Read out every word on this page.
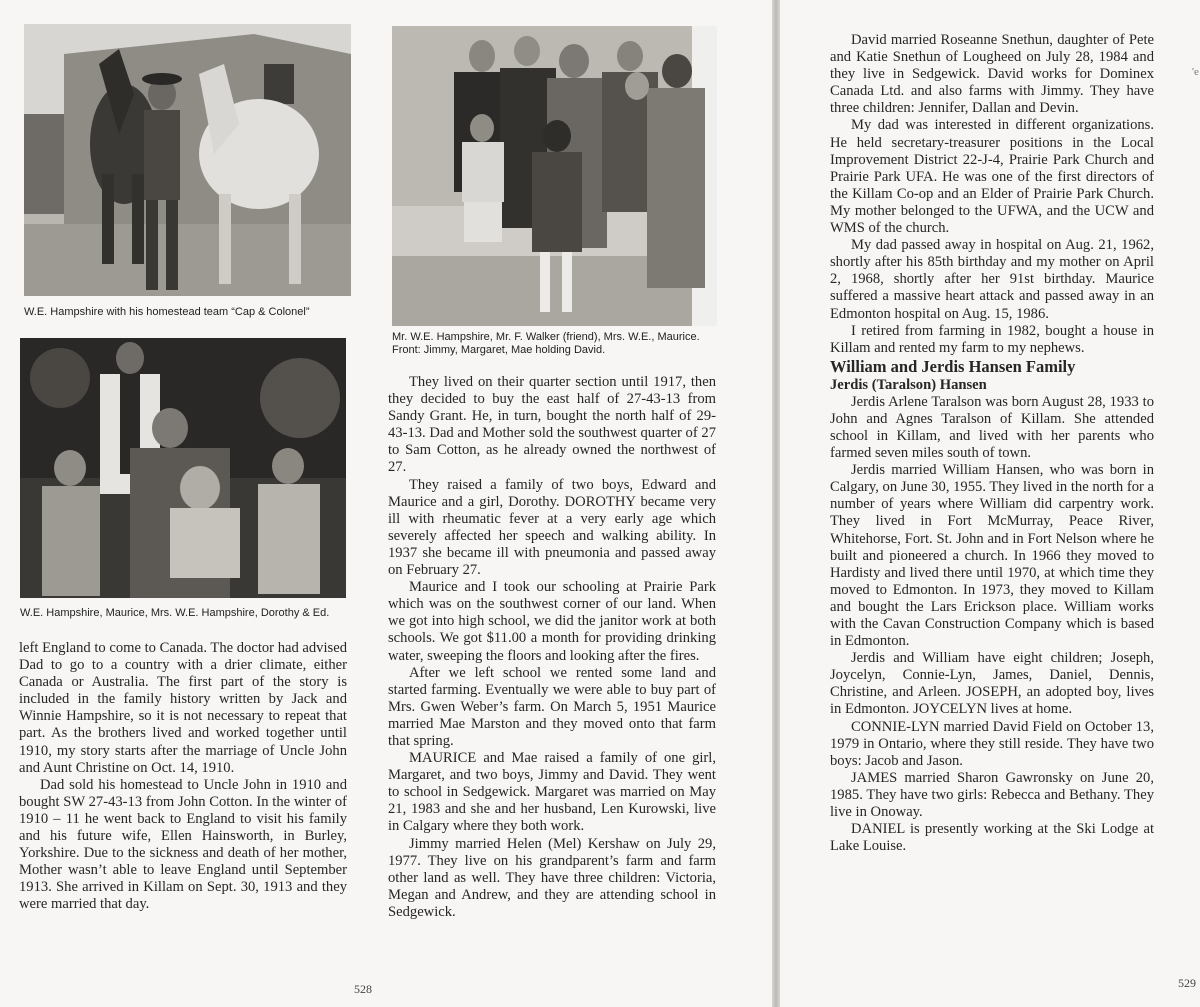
W.E. Hampshire with his homestead team “Cap & Colonel”
Mr. W.E. Hampshire, Mr. F. Walker (friend), Mrs. W.E., Maurice. Front: Jimmy, Margaret, Mae holding David.
W.E. Hampshire, Maurice, Mrs. W.E. Hampshire, Dorothy & Ed.

left England to come to Canada. The doctor had advised Dad to go to a country with a drier climate, either Canada or Australia. The first part of the story is included in the family history written by Jack and Winnie Hampshire, so it is not necessary to repeat that part. As the brothers lived and worked together until 1910, my story starts after the marriage of Uncle John and Aunt Christine on Oct. 14, 1910.

Dad sold his homestead to Uncle John in 1910 and bought SW 27-43-13 from John Cotton. In the winter of 1910 – 11 he went back to England to visit his family and his future wife, Ellen Hainsworth, in Burley, Yorkshire. Due to the sickness and death of her mother, Mother wasn’t able to leave England until September 1913. She arrived in Killam on Sept. 30, 1913 and they were married that day.

They lived on their quarter section until 1917, then they decided to buy the east half of 27-43-13 from Sandy Grant. He, in turn, bought the north half of 29-43-13. Dad and Mother sold the southwest quarter of 27 to Sam Cotton, as he already owned the northwest of 27.

They raised a family of two boys, Edward and Maurice and a girl, Dorothy. DOROTHY became very ill with rheumatic fever at a very early age which severely affected her speech and walking ability. In 1937 she became ill with pneumonia and passed away on February 27.

Maurice and I took our schooling at Prairie Park which was on the southwest corner of our land. When we got into high school, we did the janitor work at both schools. We got $11.00 a month for providing drinking water, sweeping the floors and looking after the fires.

After we left school we rented some land and started farming. Eventually we were able to buy part of Mrs. Gwen Weber’s farm. On March 5, 1951 Maurice married Mae Marston and they moved onto that farm that spring.

MAURICE and Mae raised a family of one girl, Margaret, and two boys, Jimmy and David. They went to school in Sedgewick. Margaret was married on May 21, 1983 and she and her husband, Len Kurowski, live in Calgary where they both work.

Jimmy married Helen (Mel) Kershaw on July 29, 1977. They live on his grandparent’s farm and farm other land as well. They have three children: Victoria, Megan and Andrew, and they are attending school in Sedgewick.

528

David married Roseanne Snethun, daughter of Pete and Katie Snethun of Lougheed on July 28, 1984 and they live in Sedgewick. David works for Dominex Canada Ltd. and also farms with Jimmy. They have three children: Jennifer, Dallan and Devin.

My dad was interested in different organizations. He held secretary-treasurer positions in the Local Improvement District 22-J-4, Prairie Park Church and Prairie Park UFA. He was one of the first directors of the Killam Co-op and an Elder of Prairie Park Church. My mother belonged to the UFWA, and the UCW and WMS of the church.

My dad passed away in hospital on Aug. 21, 1962, shortly after his 85th birthday and my mother on April 2, 1968, shortly after her 91st birthday. Maurice suffered a massive heart attack and passed away in an Edmonton hospital on Aug. 15, 1986.

I retired from farming in 1982, bought a house in Killam and rented my farm to my nephews.

William and Jerdis Hansen Family

Jerdis (Taralson) Hansen

Jerdis Arlene Taralson was born August 28, 1933 to John and Agnes Taralson of Killam. She attended school in Killam, and lived with her parents who farmed seven miles south of town.

Jerdis married William Hansen, who was born in Calgary, on June 30, 1955. They lived in the north for a number of years where William did carpentry work. They lived in Fort McMurray, Peace River, Whitehorse, Fort. St. John and in Fort Nelson where he built and pioneered a church. In 1966 they moved to Hardisty and lived there until 1970, at which time they moved to Edmonton. In 1973, they moved to Killam and bought the Lars Erickson place. William works with the Cavan Construction Company which is based in Edmonton.

Jerdis and William have eight children; Joseph, Joycelyn, Connie-Lyn, James, Daniel, Dennis, Christine, and Arleen. JOSEPH, an adopted boy, lives in Edmonton. JOYCELYN lives at home.

CONNIE-LYN married David Field on October 13, 1979 in Ontario, where they still reside. They have two boys: Jacob and Jason.

JAMES married Sharon Gawronsky on June 20, 1985. They have two girls: Rebecca and Bethany. They live in Onoway.

DANIEL is presently working at the Ski Lodge at Lake Louise.

529
'e
